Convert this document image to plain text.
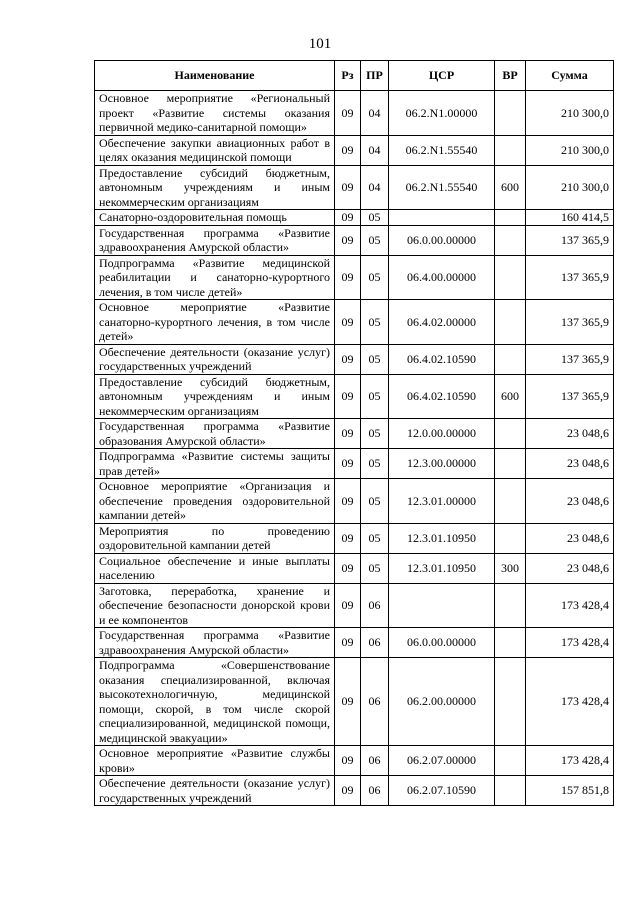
101
Наименование	Рз	ПР	ЦСР	ВР	Сумма
Основное мероприятие «Региональный проект «Развитие системы оказания первичной медико-санитарной помощи»	09	04	06.2.N1.00000		210 300,0
Обеспечение закупки авиационных работ в целях оказания медицинской помощи	09	04	06.2.N1.55540		210 300,0
Предоставление субсидий бюджетным, автономным учреждениям и иным некоммерческим организациям	09	04	06.2.N1.55540	600	210 300,0
Санаторно-оздоровительная помощь	09	05			160 414,5
Государственная программа «Развитие здравоохранения Амурской области»	09	05	06.0.00.00000		137 365,9
Подпрограмма «Развитие медицинской реабилитации и санаторно-курортного лечения, в том числе детей»	09	05	06.4.00.00000		137 365,9
Основное мероприятие «Развитие санаторно-курортного лечения, в том числе детей»	09	05	06.4.02.00000		137 365,9
Обеспечение деятельности (оказание услуг) государственных учреждений	09	05	06.4.02.10590		137 365,9
Предоставление субсидий бюджетным, автономным учреждениям и иным некоммерческим организациям	09	05	06.4.02.10590	600	137 365,9
Государственная программа «Развитие образования Амурской области»	09	05	12.0.00.00000		23 048,6
Подпрограмма «Развитие системы защиты прав детей»	09	05	12.3.00.00000		23 048,6
Основное мероприятие «Организация и обеспечение проведения оздоровительной кампании детей»	09	05	12.3.01.00000		23 048,6
Мероприятия по проведению оздоровительной кампании детей	09	05	12.3.01.10950		23 048,6
Социальное обеспечение и иные выплаты населению	09	05	12.3.01.10950	300	23 048,6
Заготовка, переработка, хранение и обеспечение безопасности донорской крови и ее компонентов	09	06			173 428,4
Государственная программа «Развитие здравоохранения Амурской области»	09	06	06.0.00.00000		173 428,4
Подпрограмма «Совершенствование оказания специализированной, включая высокотехнологичную, медицинской помощи, скорой, в том числе скорой специализированной, медицинской помощи, медицинской эвакуации»	09	06	06.2.00.00000		173 428,4
Основное мероприятие «Развитие службы крови»	09	06	06.2.07.00000		173 428,4
Обеспечение деятельности (оказание услуг) государственных учреждений	09	06	06.2.07.10590		157 851,8
